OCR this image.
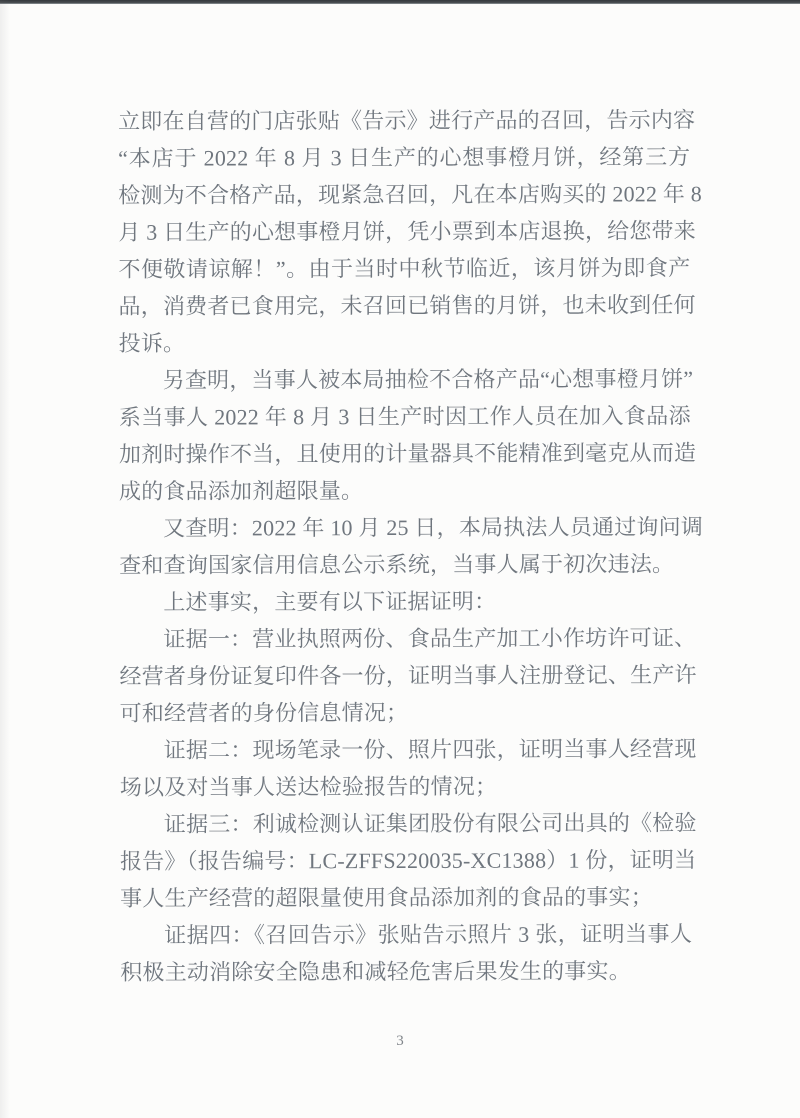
立即在自营的门店张贴《告示》进行产品的召回，告示内容
“本店于 2022 年 8 月 3 日生产的心想事橙月饼，经第三方
检测为不合格产品，现紧急召回，凡在本店购买的 2022 年 8
月 3 日生产的心想事橙月饼，凭小票到本店退换，给您带来
不便敬请谅解！”。由于当时中秋节临近，该月饼为即食产
品，消费者已食用完，未召回已销售的月饼，也未收到任何
投诉。
另查明，当事人被本局抽检不合格产品“心想事橙月饼”
系当事人 2022 年 8 月 3 日生产时因工作人员在加入食品添
加剂时操作不当，且使用的计量器具不能精准到毫克从而造
成的食品添加剂超限量。
又查明：2022 年 10 月 25 日，本局执法人员通过询问调
查和查询国家信用信息公示系统，当事人属于初次违法。
上述事实，主要有以下证据证明：
证据一：营业执照两份、食品生产加工小作坊许可证、
经营者身份证复印件各一份，证明当事人注册登记、生产许
可和经营者的身份信息情况；
证据二：现场笔录一份、照片四张，证明当事人经营现
场以及对当事人送达检验报告的情况；
证据三：利诚检测认证集团股份有限公司出具的《检验
报告》（报告编号：LC-ZFFS220035-XC1388）1 份，证明当
事人生产经营的超限量使用食品添加剂的食品的事实；
证据四：《召回告示》张贴告示照片 3 张，证明当事人
积极主动消除安全隐患和减轻危害后果发生的事实。
3
